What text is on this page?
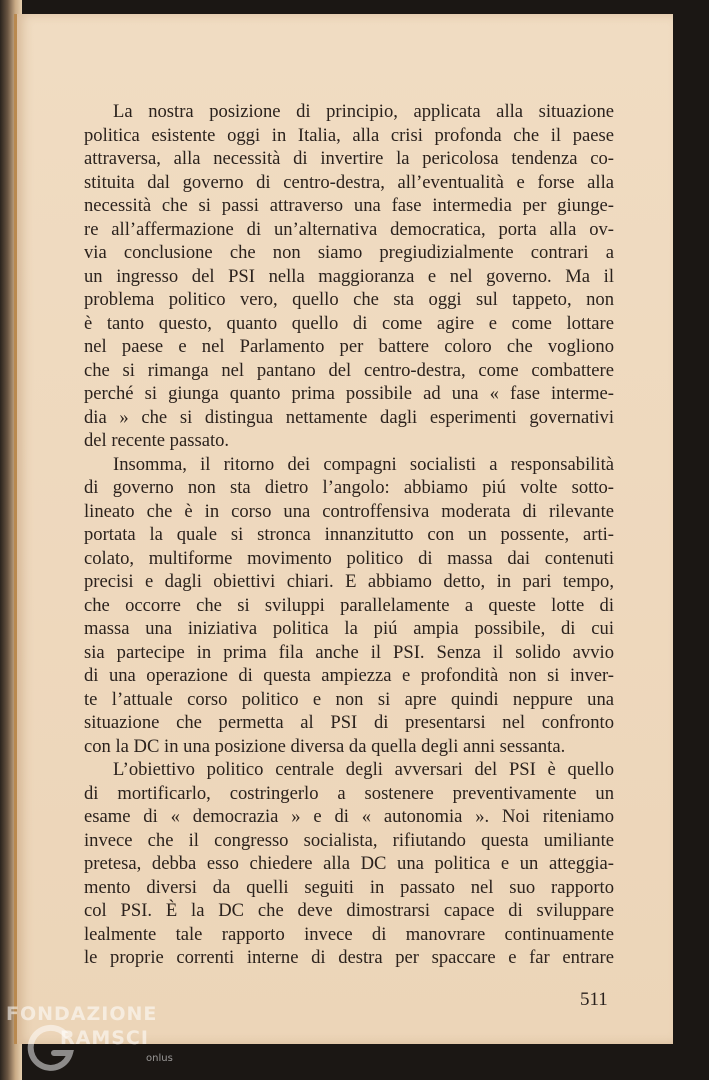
La nostra posizione di principio, applicata alla situazione
politica esistente oggi in Italia, alla crisi profonda che il paese
attraversa, alla necessità di invertire la pericolosa tendenza co-
stituita dal governo di centro-destra, all’eventualità e forse alla
necessità che si passi attraverso una fase intermedia per giunge-
re all’affermazione di un’alternativa democratica, porta alla ov-
via conclusione che non siamo pregiudizialmente contrari a
un ingresso del PSI nella maggioranza e nel governo. Ma il
problema politico vero, quello che sta oggi sul tappeto, non
è tanto questo, quanto quello di come agire e come lottare
nel paese e nel Parlamento per battere coloro che vogliono
che si rimanga nel pantano del centro-destra, come combattere
perché si giunga quanto prima possibile ad una « fase interme-
dia » che si distingua nettamente dagli esperimenti governativi
del recente passato.
Insomma, il ritorno dei compagni socialisti a responsabilità
di governo non sta dietro l’angolo: abbiamo piú volte sotto-
lineato che è in corso una controffensiva moderata di rilevante
portata la quale si stronca innanzitutto con un possente, arti-
colato, multiforme movimento politico di massa dai contenuti
precisi e dagli obiettivi chiari. E abbiamo detto, in pari tempo,
che occorre che si sviluppi parallelamente a queste lotte di
massa una iniziativa politica la piú ampia possibile, di cui
sia partecipe in prima fila anche il PSI. Senza il solido avvio
di una operazione di questa ampiezza e profondità non si inver-
te l’attuale corso politico e non si apre quindi neppure una
situazione che permetta al PSI di presentarsi nel confronto
con la DC in una posizione diversa da quella degli anni sessanta.
L’obiettivo politico centrale degli avversari del PSI è quello
di mortificarlo, costringerlo a sostenere preventivamente un
esame di « democrazia » e di « autonomia ». Noi riteniamo
invece che il congresso socialista, rifiutando questa umiliante
pretesa, debba esso chiedere alla DC una politica e un atteggia-
mento diversi da quelli seguiti in passato nel suo rapporto
col PSI. È la DC che deve dimostrarsi capace di sviluppare
lealmente tale rapporto invece di manovrare continuamente
le proprie correnti interne di destra per spaccare e far entrare
511
FONDAZIONE
RAMSCI
onlus
